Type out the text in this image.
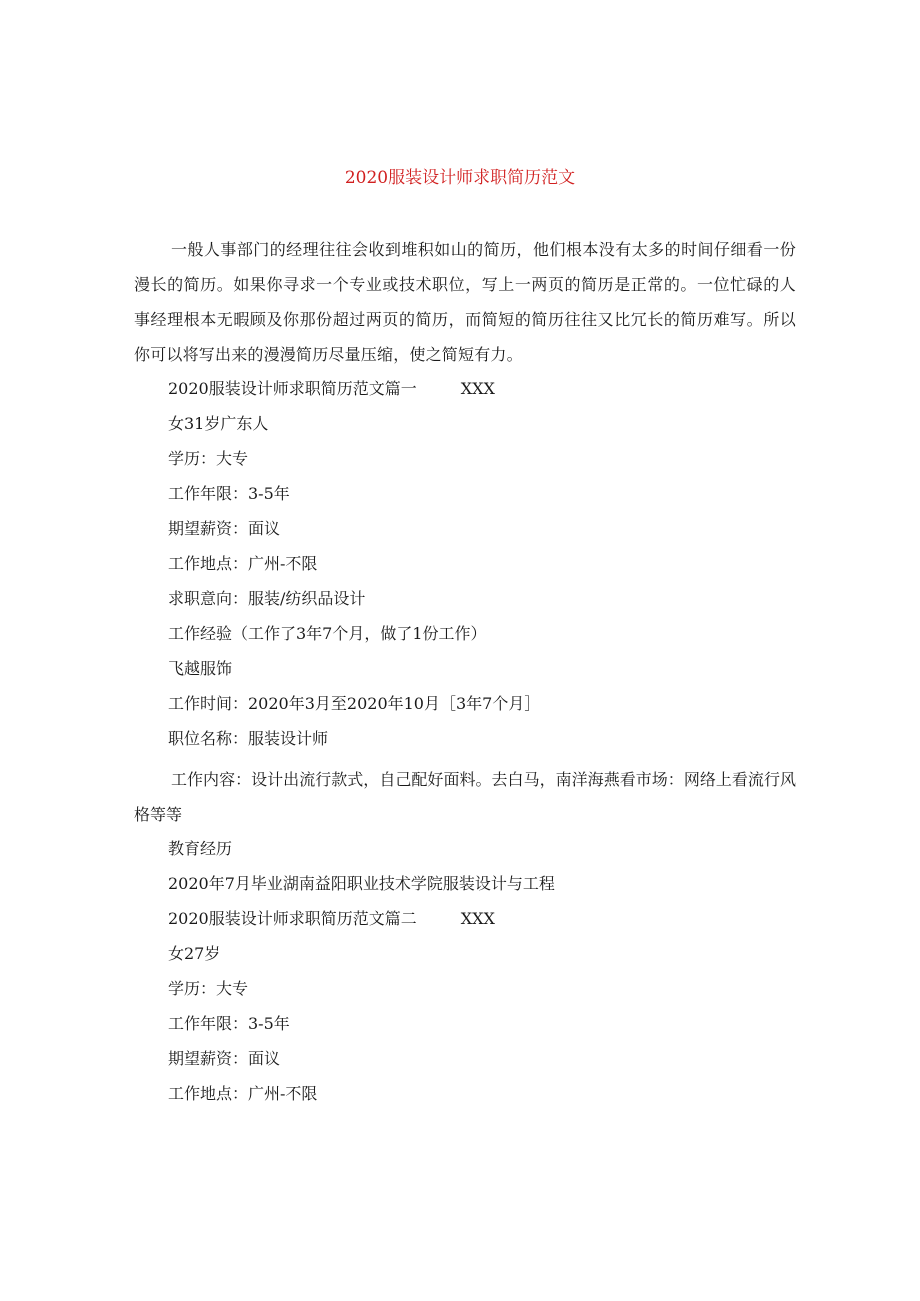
2020服装设计师求职简历范文

一般人事部门的经理往往会收到堆积如山的简历，他们根本没有太多的时间仔细看一份漫长的简历。如果你寻求一个专业或技术职位，写上一两页的简历是正常的。一位忙碌的人事经理根本无暇顾及你那份超过两页的简历，而简短的简历往往又比冗长的简历难写。所以你可以将写出来的漫漫简历尽量压缩，使之简短有力。

2020服装设计师求职简历范文篇一	XXX
女31岁广东人
学历：大专
工作年限：3-5年
期望薪资：面议
工作地点：广州-不限
求职意向：服装/纺织品设计
工作经验（工作了3年7个月，做了1份工作）
飞越服饰
工作时间：2020年3月至2020年10月［3年7个月］
职位名称：服装设计师

工作内容：设计出流行款式，自己配好面料。去白马，南洋海燕看市场：网络上看流行风格等等

教育经历
2020年7月毕业湖南益阳职业技术学院服装设计与工程
2020服装设计师求职简历范文篇二	XXX
女27岁
学历：大专
工作年限：3-5年
期望薪资：面议
工作地点：广州-不限
